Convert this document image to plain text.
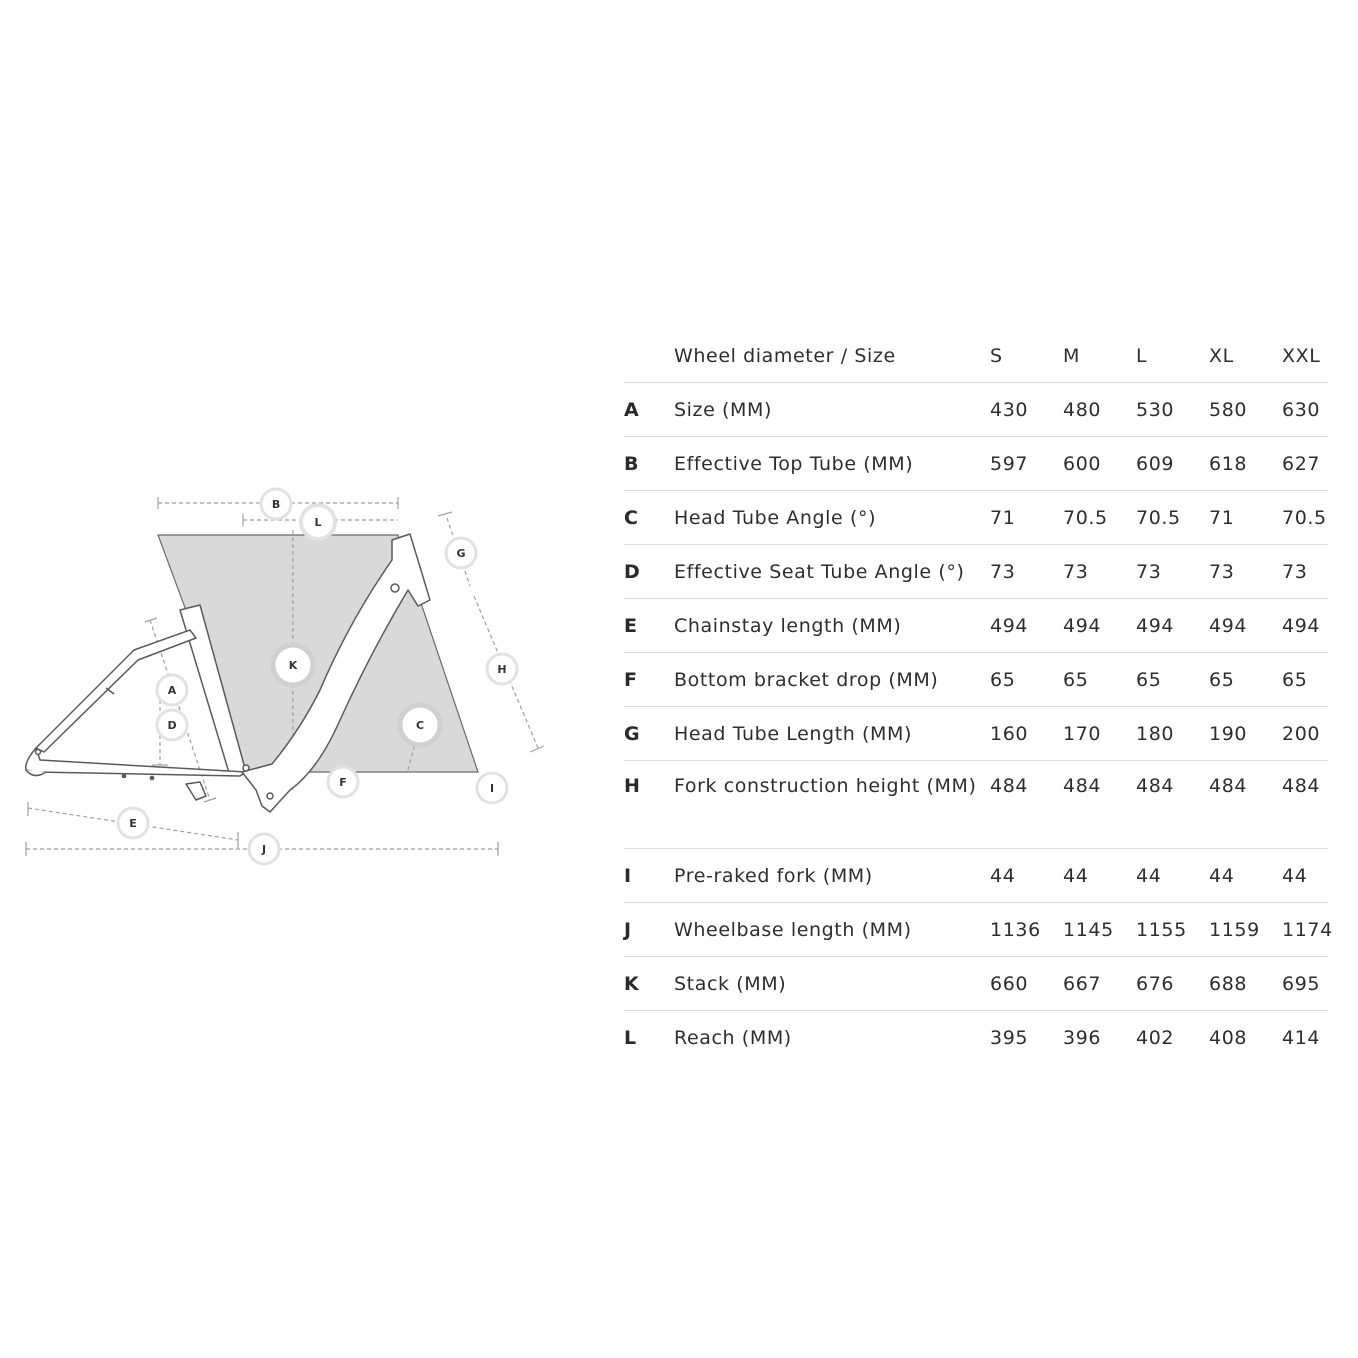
A
B
C
D
E
F
G
H
I
J
K
L
	Wheel diameter / Size	S	M	L	XL	XXL
A	Size (MM)	430	480	530	580	630
B	Effective Top Tube (MM)	597	600	609	618	627
C	Head Tube Angle (°)	71	70.5	70.5	71	70.5
D	Effective Seat Tube Angle (°)	73	73	73	73	73
E	Chainstay length (MM)	494	494	494	494	494
F	Bottom bracket drop (MM)	65	65	65	65	65
G	Head Tube Length (MM)	160	170	180	190	200
H	Fork construction height (MM)	484	484	484	484	484
I	Pre-raked fork (MM)	44	44	44	44	44
J	Wheelbase length (MM)	1136	1145	1155	1159	1174
K	Stack (MM)	660	667	676	688	695
L	Reach (MM)	395	396	402	408	414
